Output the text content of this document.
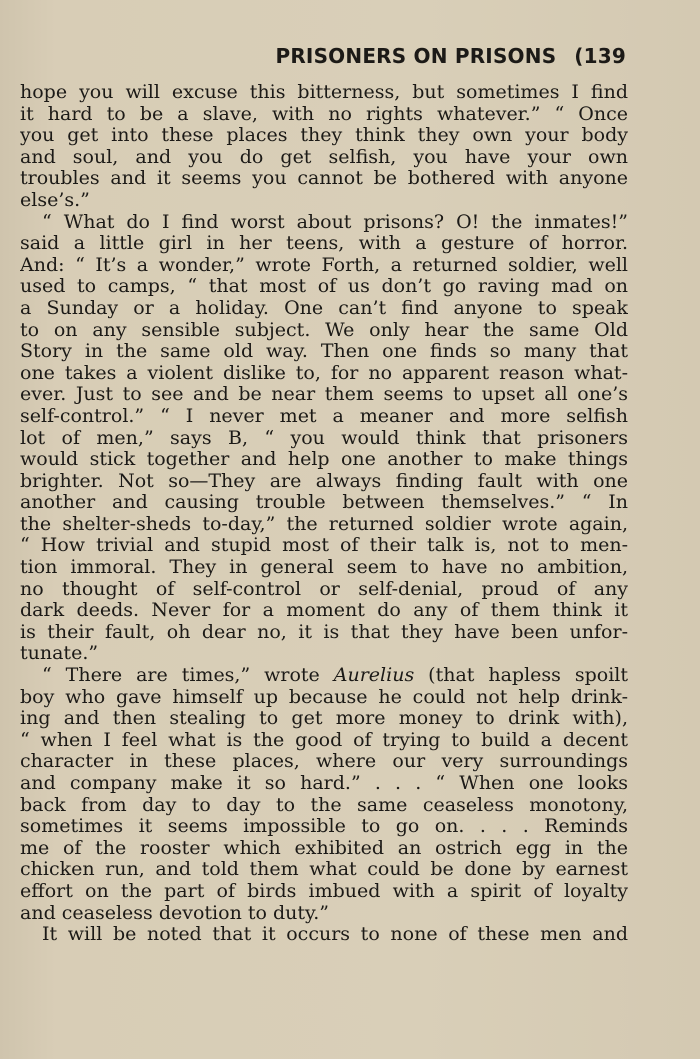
PRISONERS ON PRISONS (139
hope you will excuse this bitterness, but sometimes I find
it hard to be a slave, with no rights whatever.” “ Once
you get into these places they think they own your body
and soul, and you do get selfish, you have your own
troubles and it seems you cannot be bothered with anyone
else’s.”
“ What do I find worst about prisons? O! the inmates!”
said a little girl in her teens, with a gesture of horror.
And: “ It’s a wonder,” wrote Forth, a returned soldier, well
used to camps, “ that most of us don’t go raving mad on
a Sunday or a holiday. One can’t find anyone to speak
to on any sensible subject. We only hear the same Old
Story in the same old way. Then one finds so many that
one takes a violent dislike to, for no apparent reason what-
ever. Just to see and be near them seems to upset all one’s
self-control.” “ I never met a meaner and more selfish
lot of men,” says B, “ you would think that prisoners
would stick together and help one another to make things
brighter. Not so—They are always finding fault with one
another and causing trouble between themselves.” “ In
the shelter-sheds to-day,” the returned soldier wrote again,
“ How trivial and stupid most of their talk is, not to men-
tion immoral. They in general seem to have no ambition,
no thought of self-control or self-denial, proud of any
dark deeds. Never for a moment do any of them think it
is their fault, oh dear no, it is that they have been unfor-
tunate.”
“ There are times,” wrote Aurelius (that hapless spoilt
boy who gave himself up because he could not help drink-
ing and then stealing to get more money to drink with),
“ when I feel what is the good of trying to build a decent
character in these places, where our very surroundings
and company make it so hard.” . . . “ When one looks
back from day to day to the same ceaseless monotony,
sometimes it seems impossible to go on. . . . Reminds
me of the rooster which exhibited an ostrich egg in the
chicken run, and told them what could be done by earnest
effort on the part of birds imbued with a spirit of loyalty
and ceaseless devotion to duty.”
It will be noted that it occurs to none of these men and
